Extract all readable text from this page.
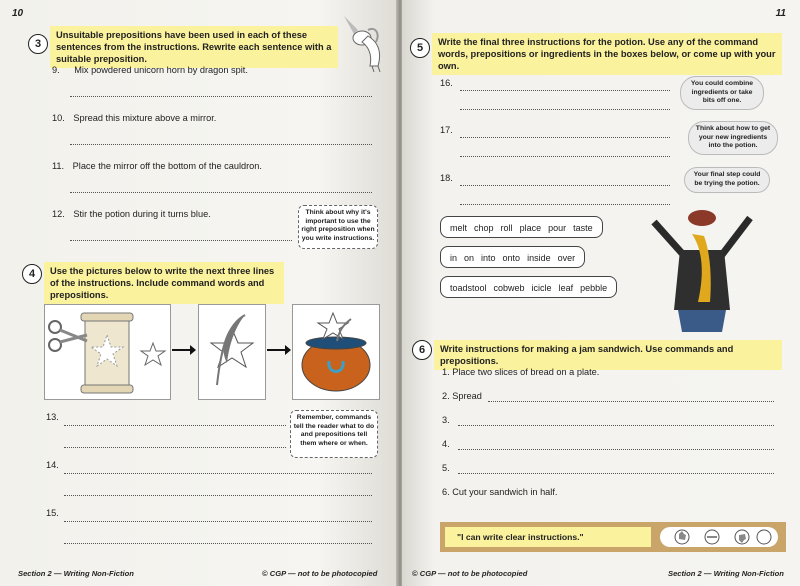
10
3
Unsuitable prepositions have been used in each of these sentences from the instructions. Rewrite each sentence with a suitable preposition.
9. Mix powdered unicorn horn by dragon spit.
10. Spread this mixture above a mirror.
11. Place the mirror off the bottom of the cauldron.
12. Stir the potion during it turns blue.	Think about why it's important to use the right preposition when you write instructions.
4	Use the pictures below to write the next three lines of the instructions. Include command words and prepositions.
13.	Remember, commands tell the reader what to do and prepositions tell them where or when.
14.
15.
Section 2 — Writing Non-Fiction	© CGP — not to be photocopied
11
5	Write the final three instructions for the potion. Use any of the command words, prepositions or ingredients in the boxes below, or come up with your own.
16.	You could combine ingredients or take bits off one.
17.	Think about how to get your new ingredients into the potion.
18.	Your final step could be trying the potion.
melt chop roll place pour taste
in on into onto inside over
toadstool cobweb icicle leaf pebble
6	Write instructions for making a jam sandwich. Use commands and prepositions.
1. Place two slices of bread on a plate.
2. Spread
3.
4.
5.
6. Cut your sandwich in half.
"I can write clear instructions."
© CGP — not to be photocopied	Section 2 — Writing Non-Fiction
